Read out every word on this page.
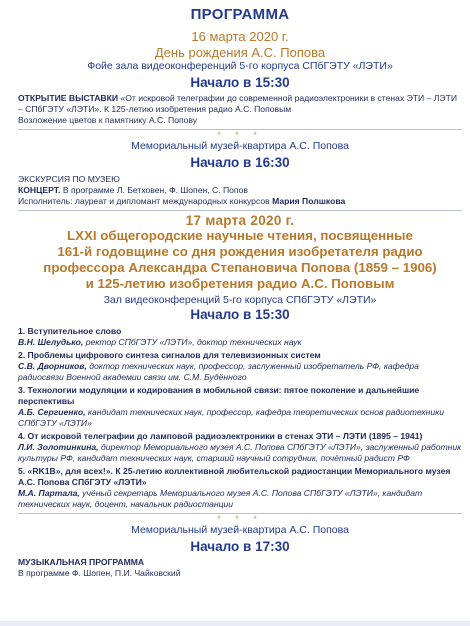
ПРОГРАММА
16 марта 2020 г.
День рождения А.С. Попова
Фойе зала видеоконференций 5-го корпуса СПбГЭТУ «ЛЭТИ»
Начало в 15:30
ОТКРЫТИЕ ВЫСТАВКИ «От искровой телеграфии до современной радиоэлектроники в стенах ЭТИ – ЛЭТИ – СПбГЭТУ «ЛЭТИ». К 125-летию изобретения радио А.С. Поповым
Возложение цветов к памятнику А.С. Попову
* * *
Мемориальный музей-квартира А.С. Попова
Начало в 16:30
ЭКСКУРСИЯ ПО МУЗЕЮ
КОНЦЕРТ. В программе Л. Бетховен, Ф. Шопен, С. Попов
Исполнитель: лауреат и дипломант международных конкурсов Мария Полшкова
17 марта 2020 г.
LXXI общегородские научные чтения, посвященные
161-й годовщине со дня рождения изобретателя радио
профессора Александра Степановича Попова (1859 – 1906)
и 125-летию изобретения радио А.С. Поповым
Зал видеоконференций 5-го корпуса СПбГЭТУ «ЛЭТИ»
Начало в 15:30
1. Вступительное слово
В.Н. Шелудько, ректор СПбГЭТУ «ЛЭТИ», доктор технических наук
2. Проблемы цифрового синтеза сигналов для телевизионных систем
С.В. Дворников, доктор технических наук, профессор, заслуженный изобретатель РФ, кафедра радиосвязи Военной академии связи им. С.М. Будённого
3. Технологии модуляции и кодирования в мобильной связи: пятое поколение и дальнейшие перспективы
А.Б. Сергиенко, кандидат технических наук, профессор, кафедра теоретических основ радиотехники СПбГЭТУ «ЛЭТИ»
4. От искровой телеграфии до ламповой радиоэлектроники в стенах ЭТИ – ЛЭТИ (1895 – 1941)
Л.И. Золотинкина, директор Мемориального музея А.С. Попова СПбГЭТУ «ЛЭТИ», заслуженный работник культуры РФ, кандидат технических наук, старший научный сотрудник, почётный радист РФ
5. «RK1B», для всех!». К 25-летию коллективной любительской радиостанции Мемориального музея А.С. Попова СПбГЭТУ «ЛЭТИ»
М.А. Партала, учёный секретарь Мемориального музея А.С. Попова СПбГЭТУ «ЛЭТИ», кандидат технических наук, доцент, начальник радиостанции
* * *
Мемориальный музей-квартира А.С. Попова
Начало в 17:30
МУЗЫКАЛЬНАЯ ПРОГРАММА
В программе Ф. Шопен, П.И. Чайковский
